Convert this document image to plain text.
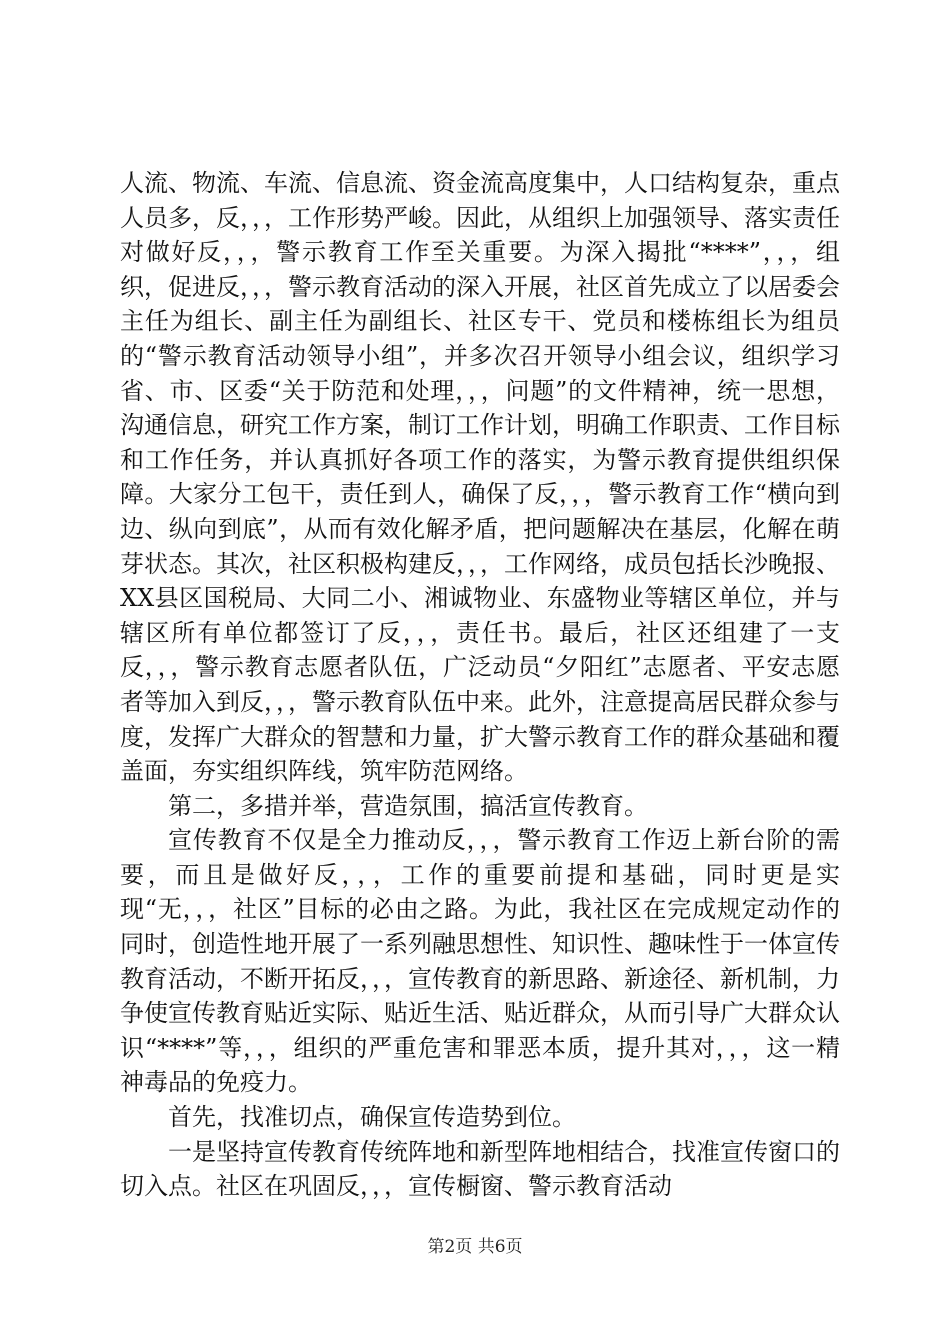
人流、物流、车流、信息流、资金流高度集中，人口结构复杂，重点人员多，反，，，工作形势严峻。因此，从组织上加强领导、落实责任对做好反，，，警示教育工作至关重要。为深入揭批“****”，，，组织，促进反，，，警示教育活动的深入开展，社区首先成立了以居委会主任为组长、副主任为副组长、社区专干、党员和楼栋组长为组员的“警示教育活动领导小组”，并多次召开领导小组会议，组织学习省、市、区委“关于防范和处理，，，问题”的文件精神，统一思想，沟通信息，研究工作方案，制订工作计划，明确工作职责、工作目标和工作任务，并认真抓好各项工作的落实，为警示教育提供组织保障。大家分工包干，责任到人，确保了反，，，警示教育工作“横向到边、纵向到底”，从而有效化解矛盾，把问题解决在基层，化解在萌芽状态。其次，社区积极构建反，，，工作网络，成员包括长沙晚报、XX县区国税局、大同二小、湘诚物业、东盛物业等辖区单位，并与辖区所有单位都签订了反，，，责任书。最后，社区还组建了一支反，，，警示教育志愿者队伍，广泛动员“夕阳红”志愿者、平安志愿者等加入到反，，，警示教育队伍中来。此外，注意提高居民群众参与度，发挥广大群众的智慧和力量，扩大警示教育工作的群众基础和覆盖面，夯实组织阵线，筑牢防范网络。

第二，多措并举，营造氛围，搞活宣传教育。

宣传教育不仅是全力推动反，，，警示教育工作迈上新台阶的需要，而且是做好反，，，工作的重要前提和基础，同时更是实现“无，，，社区”目标的必由之路。为此，我社区在完成规定动作的同时，创造性地开展了一系列融思想性、知识性、趣味性于一体宣传教育活动，不断开拓反，，，宣传教育的新思路、新途径、新机制，力争使宣传教育贴近实际、贴近生活、贴近群众，从而引导广大群众认识“****”等，，，组织的严重危害和罪恶本质，提升其对，，，这一精神毒品的免疫力。

首先，找准切点，确保宣传造势到位。

一是坚持宣传教育传统阵地和新型阵地相结合，找准宣传窗口的切入点。社区在巩固反，，，宣传橱窗、警示教育活动

第2页 共6页
